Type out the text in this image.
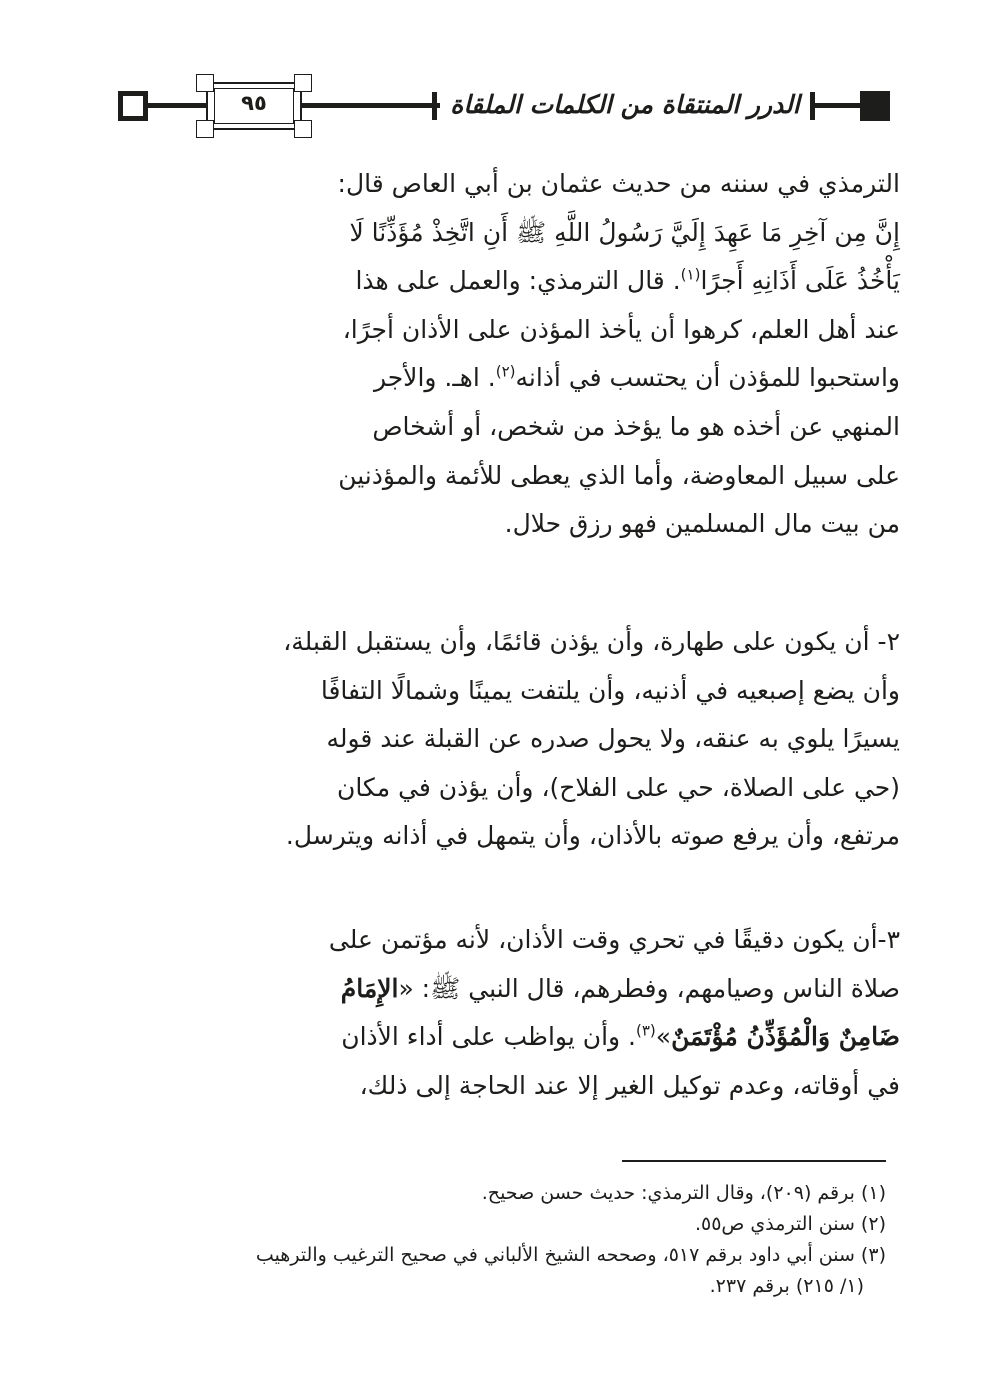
٩٥	الدرر المنتقاة من الكلمات الملقاة
الترمذي في سننه من حديث عثمان بن أبي العاص قال:
إِنَّ مِن آخِرِ مَا عَهِدَ إِلَيَّ رَسُولُ اللَّهِ ﷺ أَنِ اتَّخِذْ مُؤَذِّنًا لَا
يَأْخُذُ عَلَى أَذَانِهِ أَجرًا$^{(١)}$. قال الترمذي: والعمل على هذا
عند أهل العلم، كرهوا أن يأخذ المؤذن على الأذان أجرًا،
واستحبوا للمؤذن أن يحتسب في أذانه$^{(٢)}$. اهـ. والأجر
المنهي عن أخذه هو ما يؤخذ من شخص، أو أشخاص
على سبيل المعاوضة، وأما الذي يعطى للأئمة والمؤذنين
من بيت مال المسلمين فهو رزق حلال.
٢- أن يكون على طهارة، وأن يؤذن قائمًا، وأن يستقبل القبلة،
وأن يضع إصبعيه في أذنيه، وأن يلتفت يمينًا وشمالًا التفافًا
يسيرًا يلوي به عنقه، ولا يحول صدره عن القبلة عند قوله
(حي على الصلاة، حي على الفلاح)، وأن يؤذن في مكان
مرتفع، وأن يرفع صوته بالأذان، وأن يتمهل في أذانه ويترسل.
٣-أن يكون دقيقًا في تحري وقت الأذان، لأنه مؤتمن على
صلاة الناس وصيامهم، وفطرهم، قال النبي ﷺ: «الإِمَامُ
ضَامِنٌ وَالْمُؤَذِّنُ مُؤْتَمَنٌ»$^{(٣)}$. وأن يواظب على أداء الأذان
في أوقاته، وعدم توكيل الغير إلا عند الحاجة إلى ذلك،
(١) برقم (٢٠٩)، وقال الترمذي: حديث حسن صحيح.
(٢) سنن الترمذي ص٥٥.
(٣) سنن أبي داود برقم ٥١٧، وصححه الشيخ الألباني في صحيح الترغيب والترهيب
(١/ ٢١٥) برقم ٢٣٧.
